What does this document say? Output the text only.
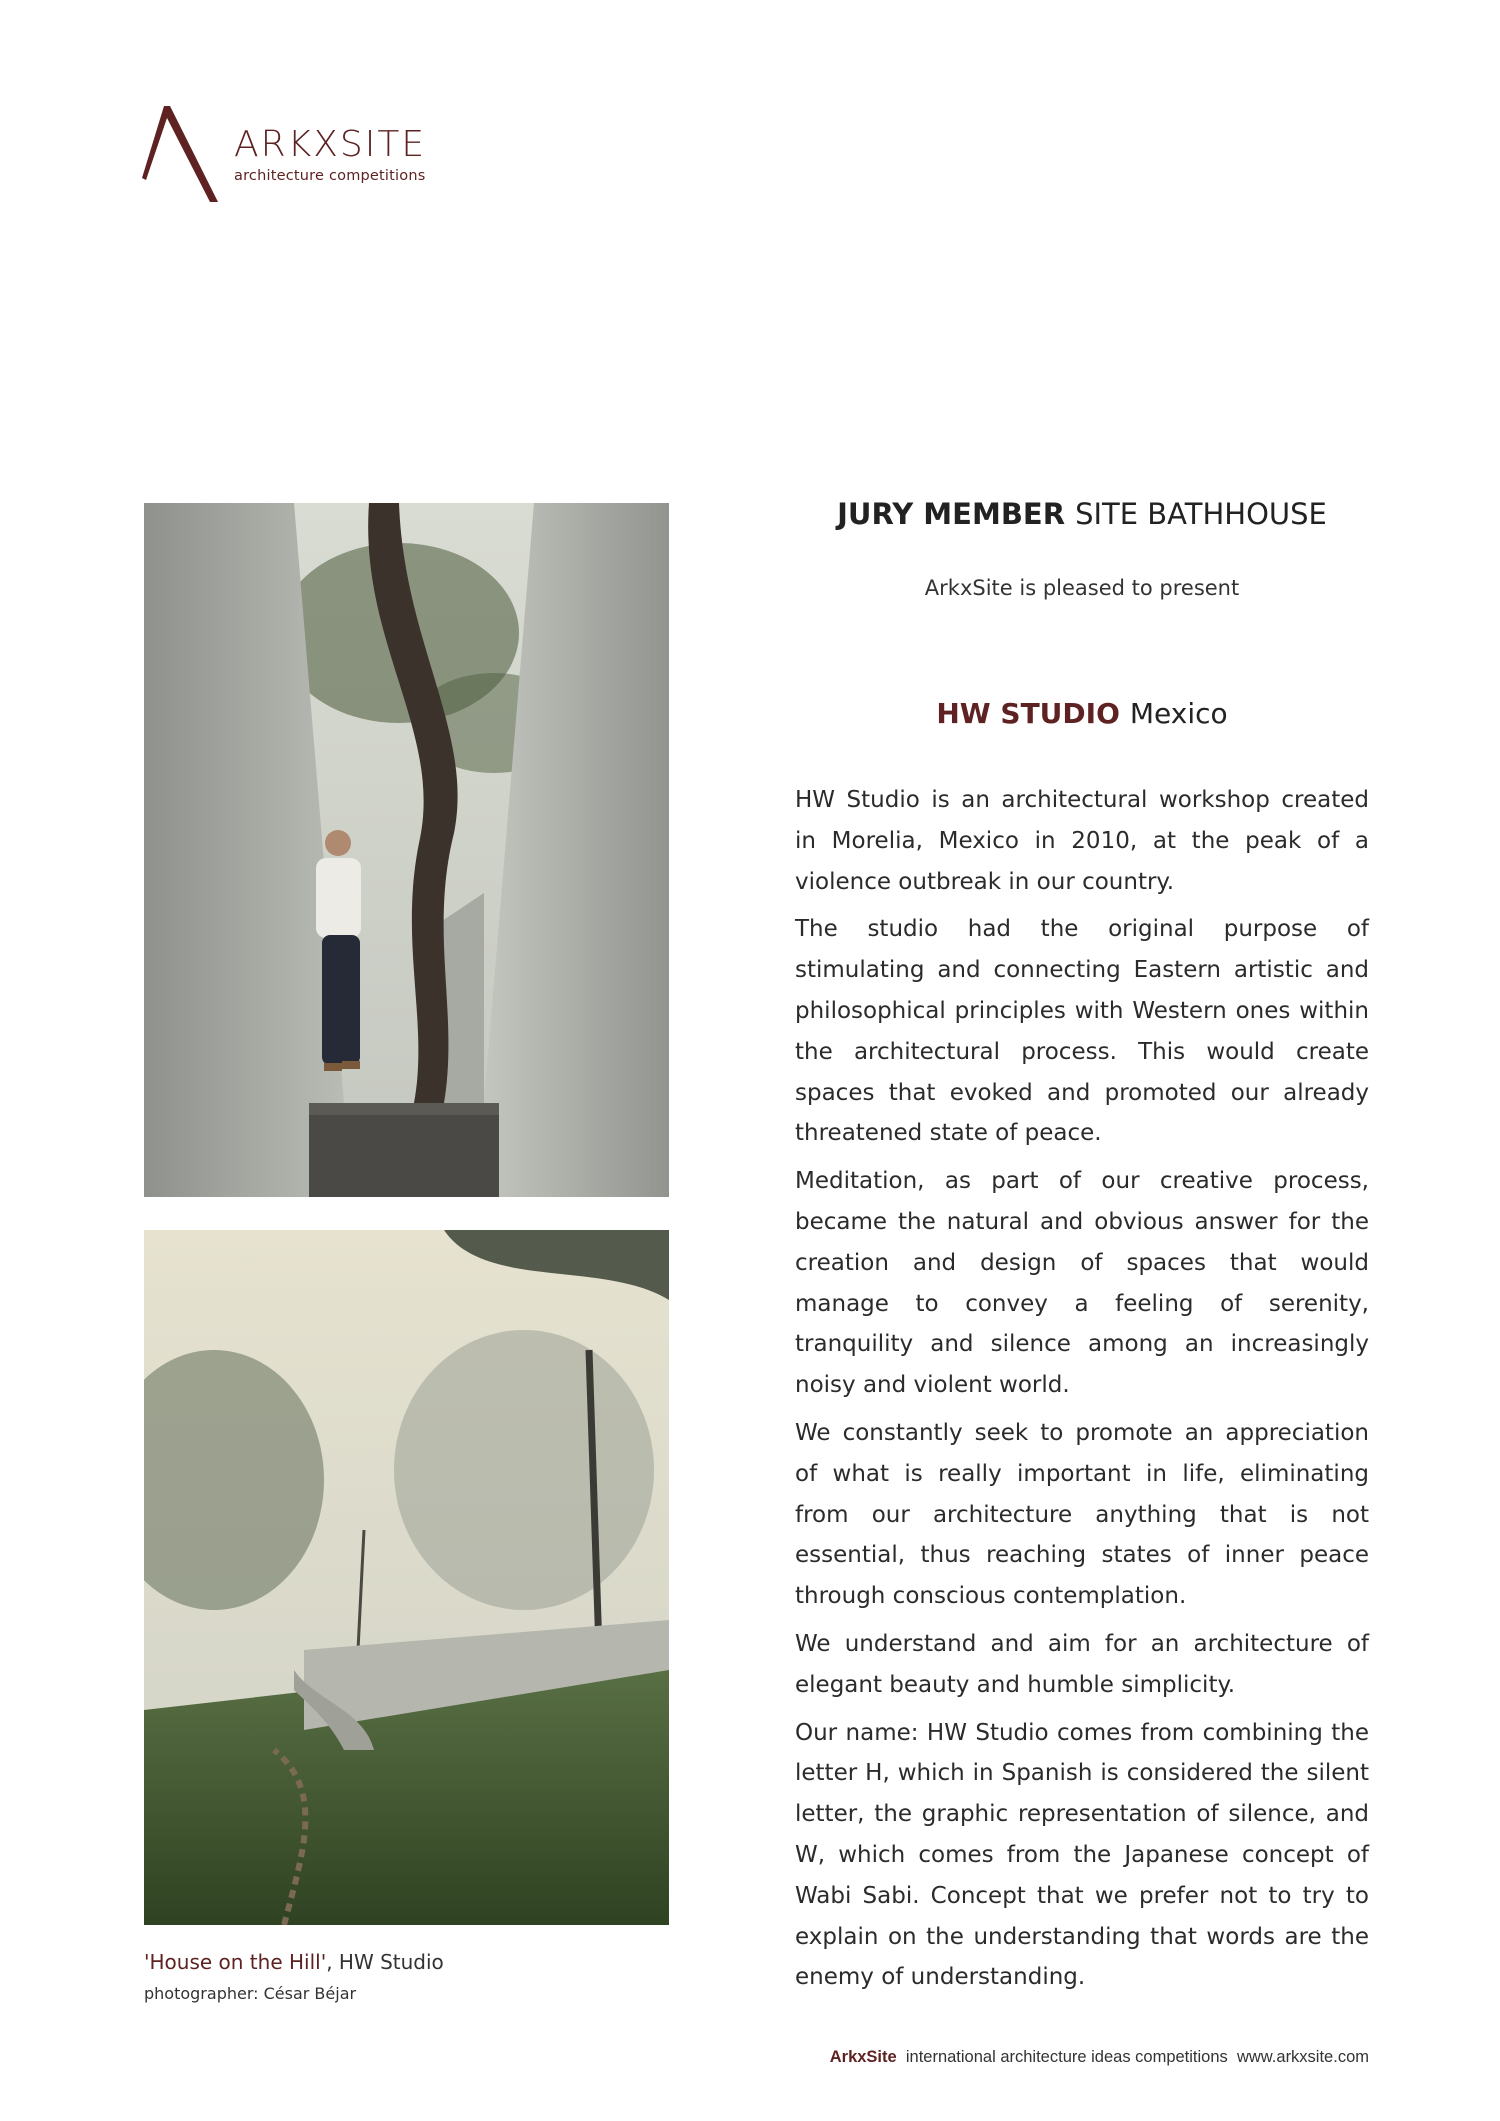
ARKXSITE
architecture competitions
'House on the Hill', HW Studio
photographer: César Béjar
JURY MEMBER SITE BATHHOUSE
ArkxSite is pleased to present
HW STUDIO Mexico

HW Studio is an architectural workshop created in Morelia, Mexico in 2010, at the peak of a violence outbreak in our country.

The studio had the original purpose of stimulating and connecting Eastern artistic and philosophical principles with Western ones within the architectural process. This would create spaces that evoked and promoted our already threatened state of peace.

Meditation, as part of our creative process, became the natural and obvious answer for the creation and design of spaces that would manage to convey a feeling of serenity, tranquility and silence among an increasingly noisy and violent world.

We constantly seek to promote an appreciation of what is really important in life, eliminating from our architecture anything that is not essential, thus reaching states of inner peace through conscious contemplation.

We understand and aim for an architecture of elegant beauty and humble simplicity.

Our name: HW Studio comes from combining the letter H, which in Spanish is considered the silent letter, the graphic representation of silence, and W, which comes from the Japanese concept of Wabi Sabi. Concept that we prefer not to try to explain on the understanding that words are the enemy of understanding.

ArkxSite international architecture ideas competitions www.arkxsite.com
